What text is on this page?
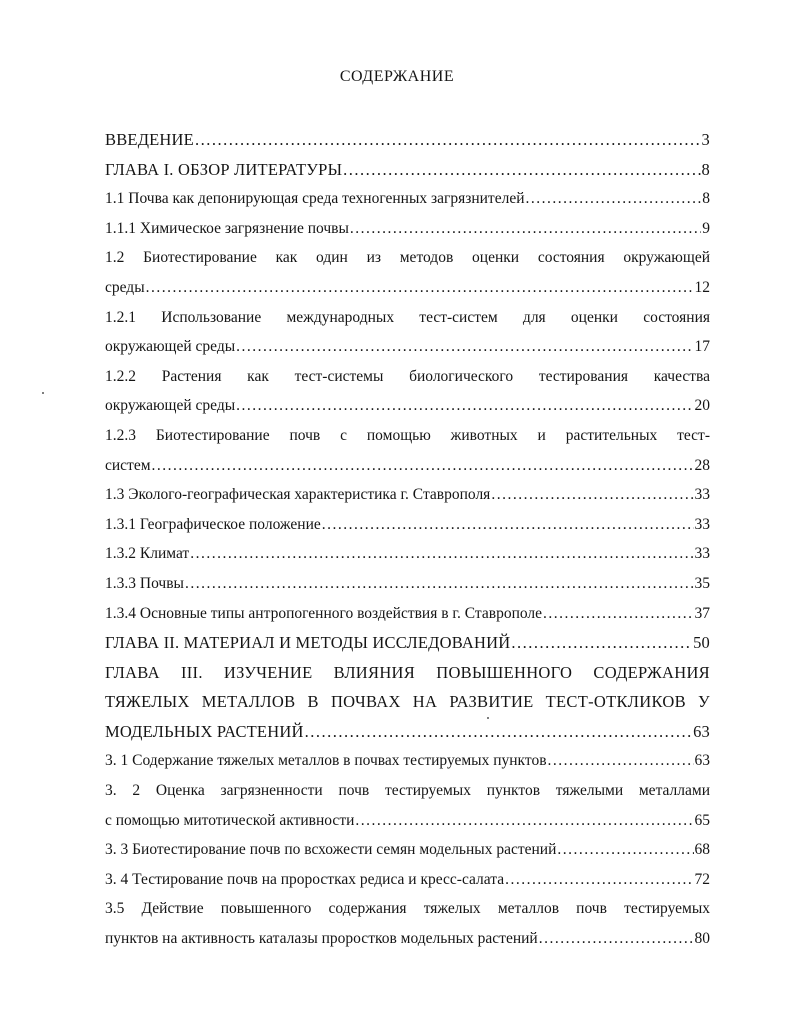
СОДЕРЖАНИЕ
ВВЕДЕНИЕ .....	3
ГЛАВА I. ОБЗОР ЛИТЕРАТУРЫ .....	8
1.1 Почва как депонирующая среда техногенных загрязнителей .....	8
1.1.1 Химическое загрязнение почвы .....	9
1.2 Биотестирование как один из методов оценки состояния окружающей
среды .....	12
1.2.1 Использование международных тест-систем для оценки состояния
окружающей среды .....	17
1.2.2 Растения как тест-системы биологического тестирования качества
окружающей среды .....	20
1.2.3 Биотестирование почв с помощью животных и растительных тест-
систем .....	28
1.3 Эколого-географическая характеристика г. Ставрополя .....	33
1.3.1 Географическое положение .....	33
1.3.2 Климат .....	33
1.3.3 Почвы .....	35
1.3.4 Основные типы антропогенного воздействия в г. Ставрополе .....	37
ГЛАВА II. МАТЕРИАЛ И МЕТОДЫ ИССЛЕДОВАНИЙ .....	50
ГЛАВА III. ИЗУЧЕНИЕ ВЛИЯНИЯ ПОВЫШЕННОГО СОДЕРЖАНИЯ
ТЯЖЕЛЫХ МЕТАЛЛОВ В ПОЧВАХ НА РАЗВИТИЕ ТЕСТ-ОТКЛИКОВ У
МОДЕЛЬНЫХ РАСТЕНИЙ .....	63
3. 1 Содержание тяжелых металлов в почвах тестируемых пунктов .....	63
3. 2 Оценка загрязненности почв тестируемых пунктов тяжелыми металлами
с помощью митотической активности .....	65
3. 3 Биотестирование почв по всхожести семян модельных растений .....	68
3. 4 Тестирование почв на проростках редиса и кресс-салата .....	72
3.5 Действие повышенного содержания тяжелых металлов почв тестируемых
пунктов на активность каталазы проростков модельных растений .....	80
